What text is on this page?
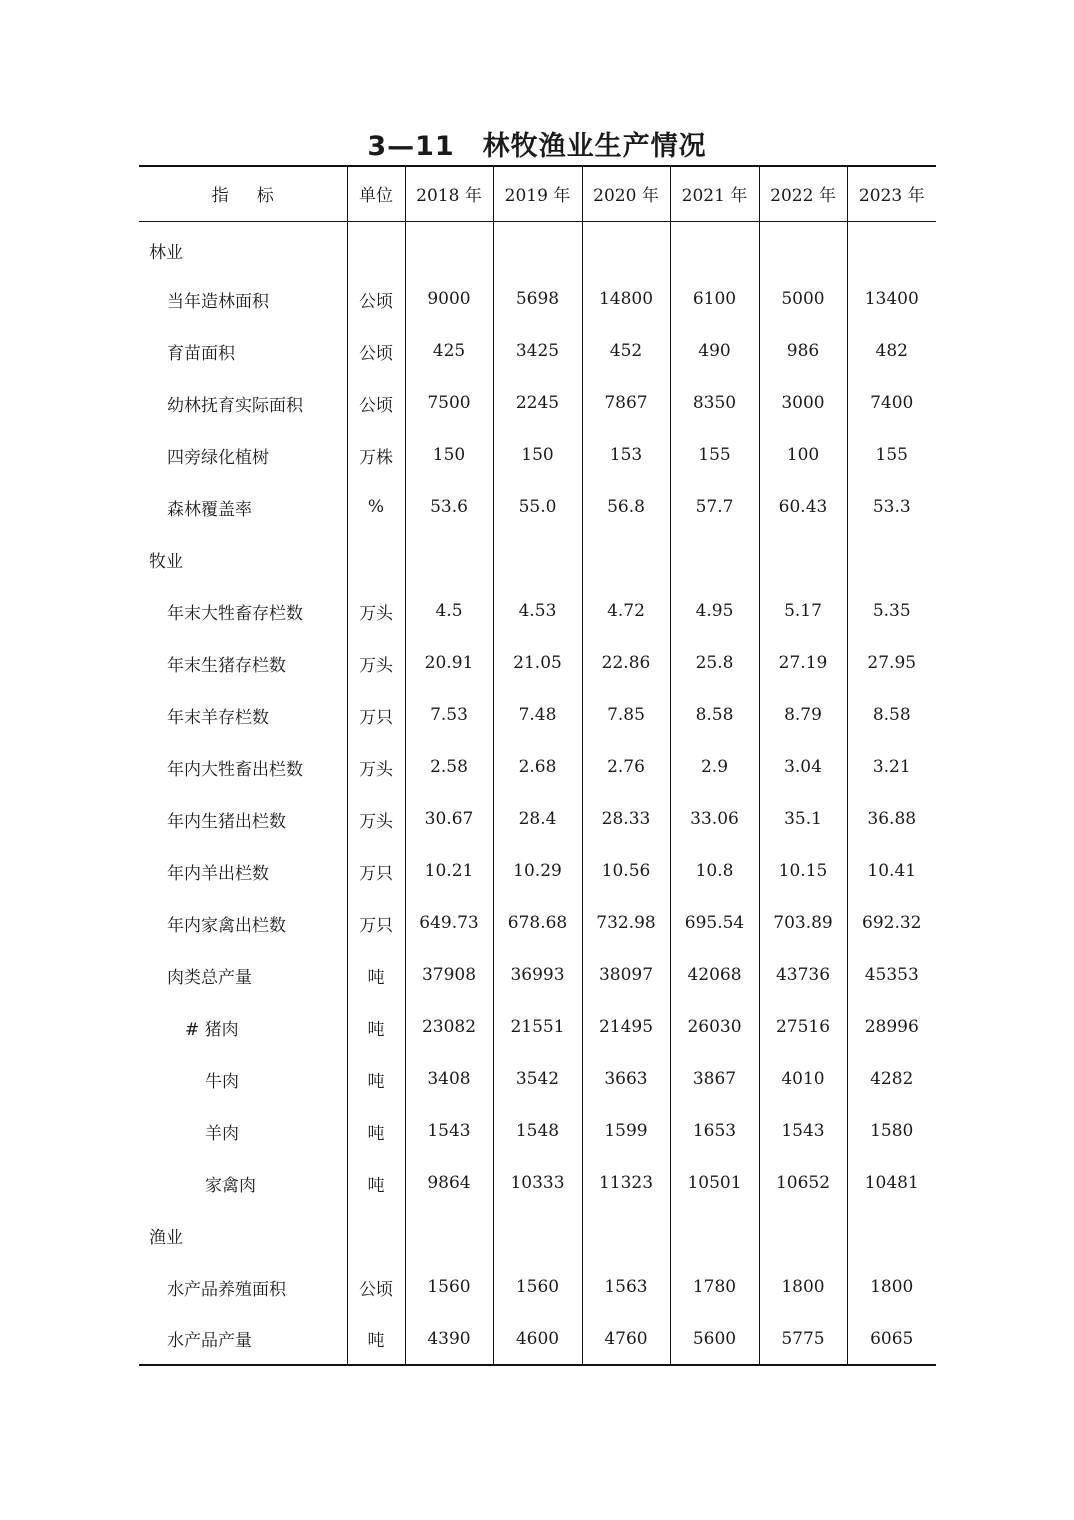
3—11　林牧渔业生产情况
指标	单位	2018 年	2019 年	2020 年	2021 年	2022 年	2023 年
林业							
当年造林面积	公顷	9000	5698	14800	6100	5000	13400
育苗面积	公顷	425	3425	452	490	986	482
幼林抚育实际面积	公顷	7500	2245	7867	8350	3000	7400
四旁绿化植树	万株	150	150	153	155	100	155
森林覆盖率	%	53.6	55.0	56.8	57.7	60.43	53.3
牧业							
年末大牲畜存栏数	万头	4.5	4.53	4.72	4.95	5.17	5.35
年末生猪存栏数	万头	20.91	21.05	22.86	25.8	27.19	27.95
年末羊存栏数	万只	7.53	7.48	7.85	8.58	8.79	8.58
年内大牲畜出栏数	万头	2.58	2.68	2.76	2.9	3.04	3.21
年内生猪出栏数	万头	30.67	28.4	28.33	33.06	35.1	36.88
年内羊出栏数	万只	10.21	10.29	10.56	10.8	10.15	10.41
年内家禽出栏数	万只	649.73	678.68	732.98	695.54	703.89	692.32
肉类总产量	吨	37908	36993	38097	42068	43736	45353
# 猪肉	吨	23082	21551	21495	26030	27516	28996
牛肉	吨	3408	3542	3663	3867	4010	4282
羊肉	吨	1543	1548	1599	1653	1543	1580
家禽肉	吨	9864	10333	11323	10501	10652	10481
渔业							
水产品养殖面积	公顷	1560	1560	1563	1780	1800	1800
水产品产量	吨	4390	4600	4760	5600	5775	6065
